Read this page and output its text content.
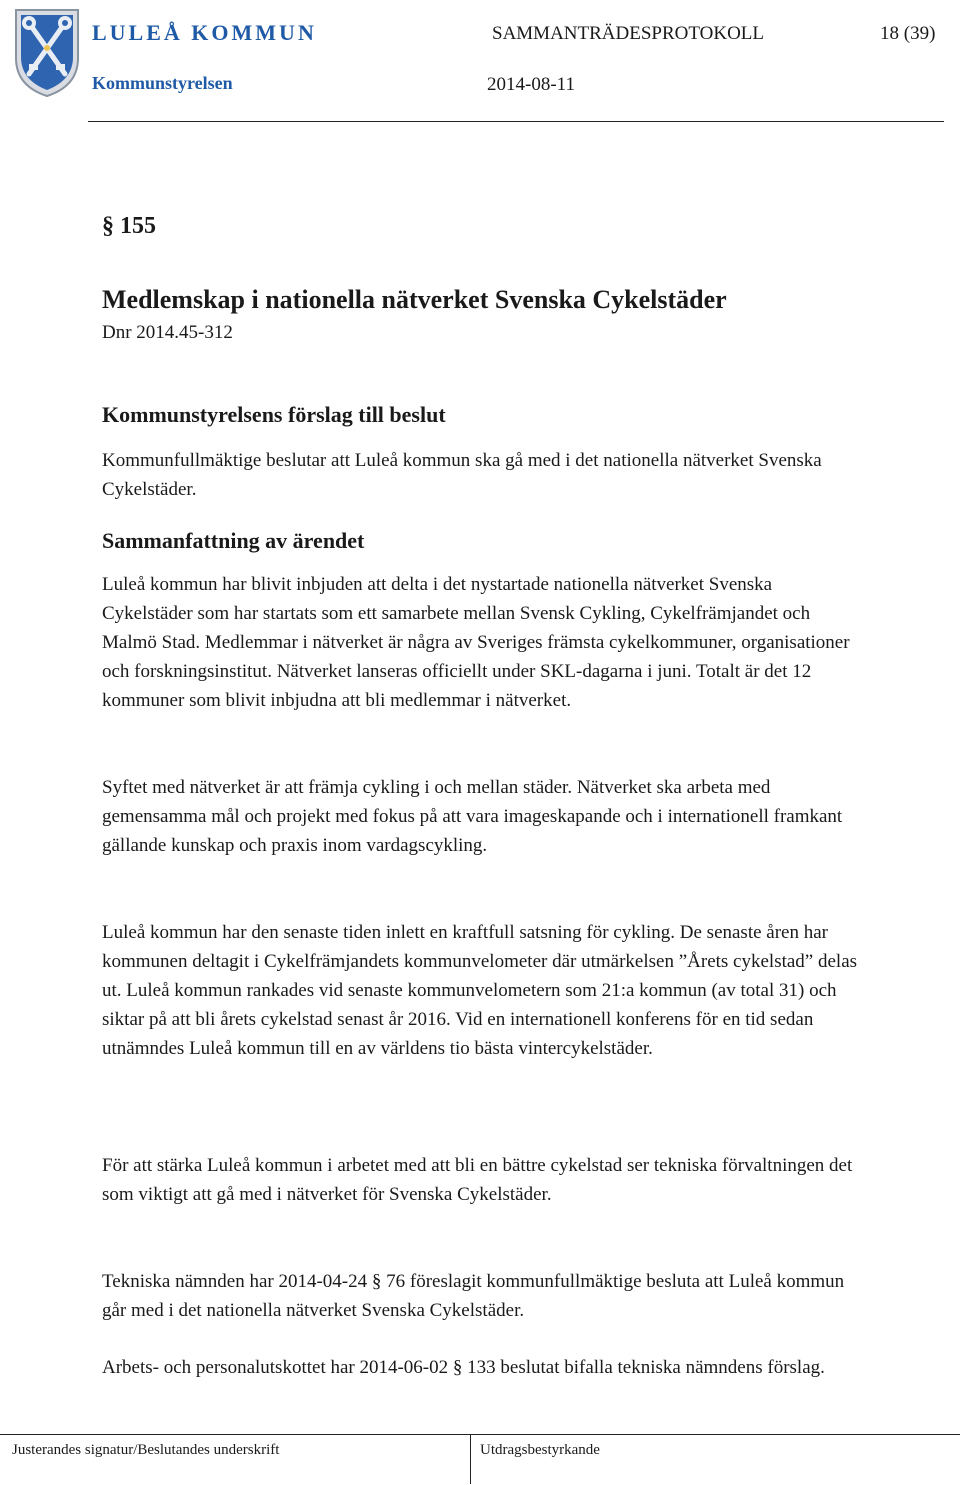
LULEÅ KOMMUN
Kommunstyrelsen
SAMMANTRÄDESPROTOKOLL	18 (39)
2014-08-11
§ 155
Medlemskap i nationella nätverket Svenska Cykelstäder
Dnr 2014.45-312
Kommunstyrelsens förslag till beslut

Kommunfullmäktige beslutar att Luleå kommun ska gå med i det nationella nätverket Svenska Cykelstäder.

Sammanfattning av ärendet

Luleå kommun har blivit inbjuden att delta i det nystartade nationella nätverket Svenska Cykelstäder som har startats som ett samarbete mellan Svensk Cykling, Cykelfrämjandet och Malmö Stad. Medlemmar i nätverket är några av Sveriges främsta cykelkommuner, organisationer och forskningsinstitut. Nätverket lanseras officiellt under SKL-dagarna i juni. Totalt är det 12 kommuner som blivit inbjudna att bli medlemmar i nätverket.

Syftet med nätverket är att främja cykling i och mellan städer. Nätverket ska arbeta med gemensamma mål och projekt med fokus på att vara imageskapande och i internationell framkant gällande kunskap och praxis inom vardagscykling.

Luleå kommun har den senaste tiden inlett en kraftfull satsning för cykling. De senaste åren har kommunen deltagit i Cykelfrämjandets kommunvelometer där utmärkelsen ”Årets cykelstad” delas ut. Luleå kommun rankades vid senaste kommunvelometern som 21:a kommun (av total 31) och siktar på att bli årets cykelstad senast år 2016. Vid en internationell konferens för en tid sedan utnämndes Luleå kommun till en av världens tio bästa vintercykelstäder.

För att stärka Luleå kommun i arbetet med att bli en bättre cykelstad ser tekniska förvaltningen det som viktigt att gå med i nätverket för Svenska Cykelstäder.

Tekniska nämnden har 2014-04-24 § 76 föreslagit kommunfullmäktige besluta att Luleå kommun går med i det nationella nätverket Svenska Cykelstäder.

Arbets- och personalutskottet har 2014-06-02 § 133 beslutat bifalla tekniska nämndens förslag.

Justerandes signatur/Beslutandes underskrift	Utdragsbestyrkande
